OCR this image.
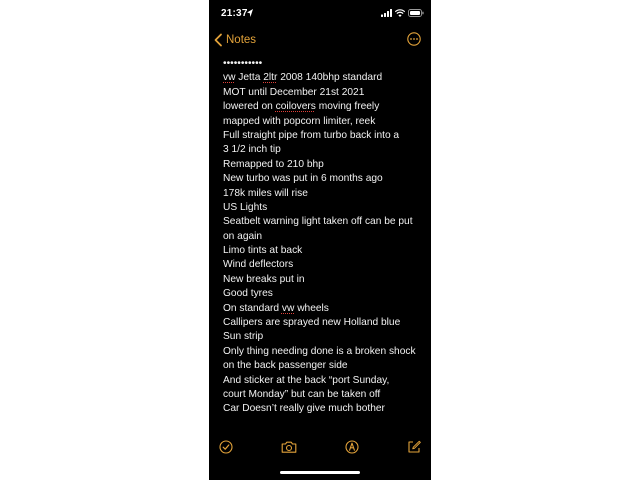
21:37
Notes
•••••••••••
vw Jetta 2ltr 2008 140bhp standard
MOT until December 21st 2021
lowered on coilovers moving freely
mapped with popcorn limiter, reek
Full straight pipe from turbo back into a
3 1/2 inch tip
Remapped to 210 bhp
New turbo was put in 6 months ago
178k miles will rise
US Lights
Seatbelt warning light taken off can be put
on again
Limo tints at back
Wind deflectors
New breaks put in
Good tyres
On standard vw wheels
Callipers are sprayed new Holland blue
Sun strip
Only thing needing done is a broken shock
on the back passenger side
And sticker at the back “port Sunday,
court Monday” but can be taken off
Car Doesn’t really give much bother
